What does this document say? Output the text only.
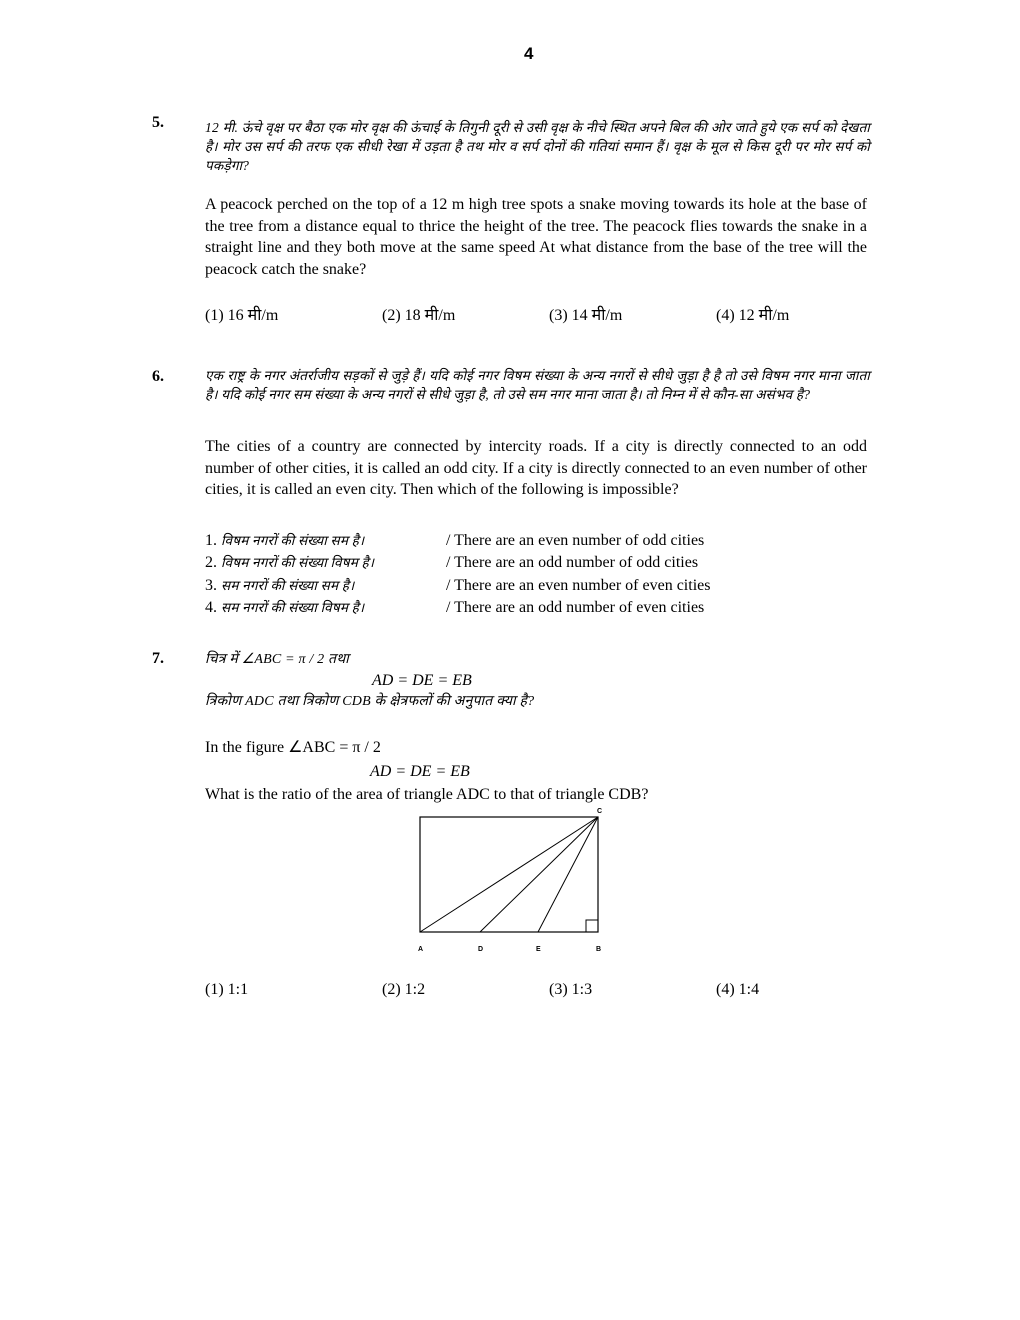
4
5.	12 मी. ऊंचे वृक्ष पर बैठा एक मोर वृक्ष की ऊंचाई के तिगुनी दूरी से उसी वृक्ष के नीचे स्थित अपने बिल की ओर जाते हुये एक सर्प को देखता है। मोर उस सर्प की तरफ एक सीधी रेखा में उड़ता है तथ मोर व सर्प दोनों की गतियां समान हैं। वृक्ष के मूल से किस दूरी पर मोर सर्प को पकड़ेगा?
A peacock perched on the top of a 12 m high tree spots a snake moving towards its hole at the base of the tree from a distance equal to thrice the height of the tree. The peacock flies towards the snake in a straight line and they both move at the same speed At what distance from the base of the tree will the peacock catch the snake?
(1) 16 मी/m	(2) 18 मी/m	(3) 14 मी/m	(4) 12 मी/m
6.	एक राष्ट्र के नगर अंतर्राजीय सड़कों से जुड़े हैं। यदि कोई नगर विषम संख्या के अन्य नगरों से सीधे जुड़ा है है तो उसे विषम नगर माना जाता है। यदि कोई नगर सम संख्या के अन्य नगरों से सीधे जुड़ा है, तो उसे सम नगर माना जाता है। तो निम्न में से कौन-सा असंभव है?
The cities of a country are connected by intercity roads. If a city is directly connected to an odd number of other cities, it is called an odd city. If a city is directly connected to an even number of other cities, it is called an even city. Then which of the following is impossible?
1. विषम नगरों की संख्या सम है।	/ There are an even number of odd cities
2. विषम नगरों की संख्या विषम है।	/ There are an odd number of odd cities
3. सम नगरों की संख्या सम है।	/ There are an even number of even cities
4. सम नगरों की संख्या विषम है।	/ There are an odd number of even cities
7.	चित्र में ∠ABC = π / 2 तथा
AD = DE = EB
त्रिकोण ADC तथा त्रिकोण CDB के क्षेत्रफलों की अनुपात क्या है?
In the figure ∠ABC = π / 2
AD = DE = EB
What is the ratio of the area of triangle ADC to that of triangle CDB?
C
A	D	E	B
(1) 1:1	(2) 1:2	(3) 1:3	(4) 1:4
